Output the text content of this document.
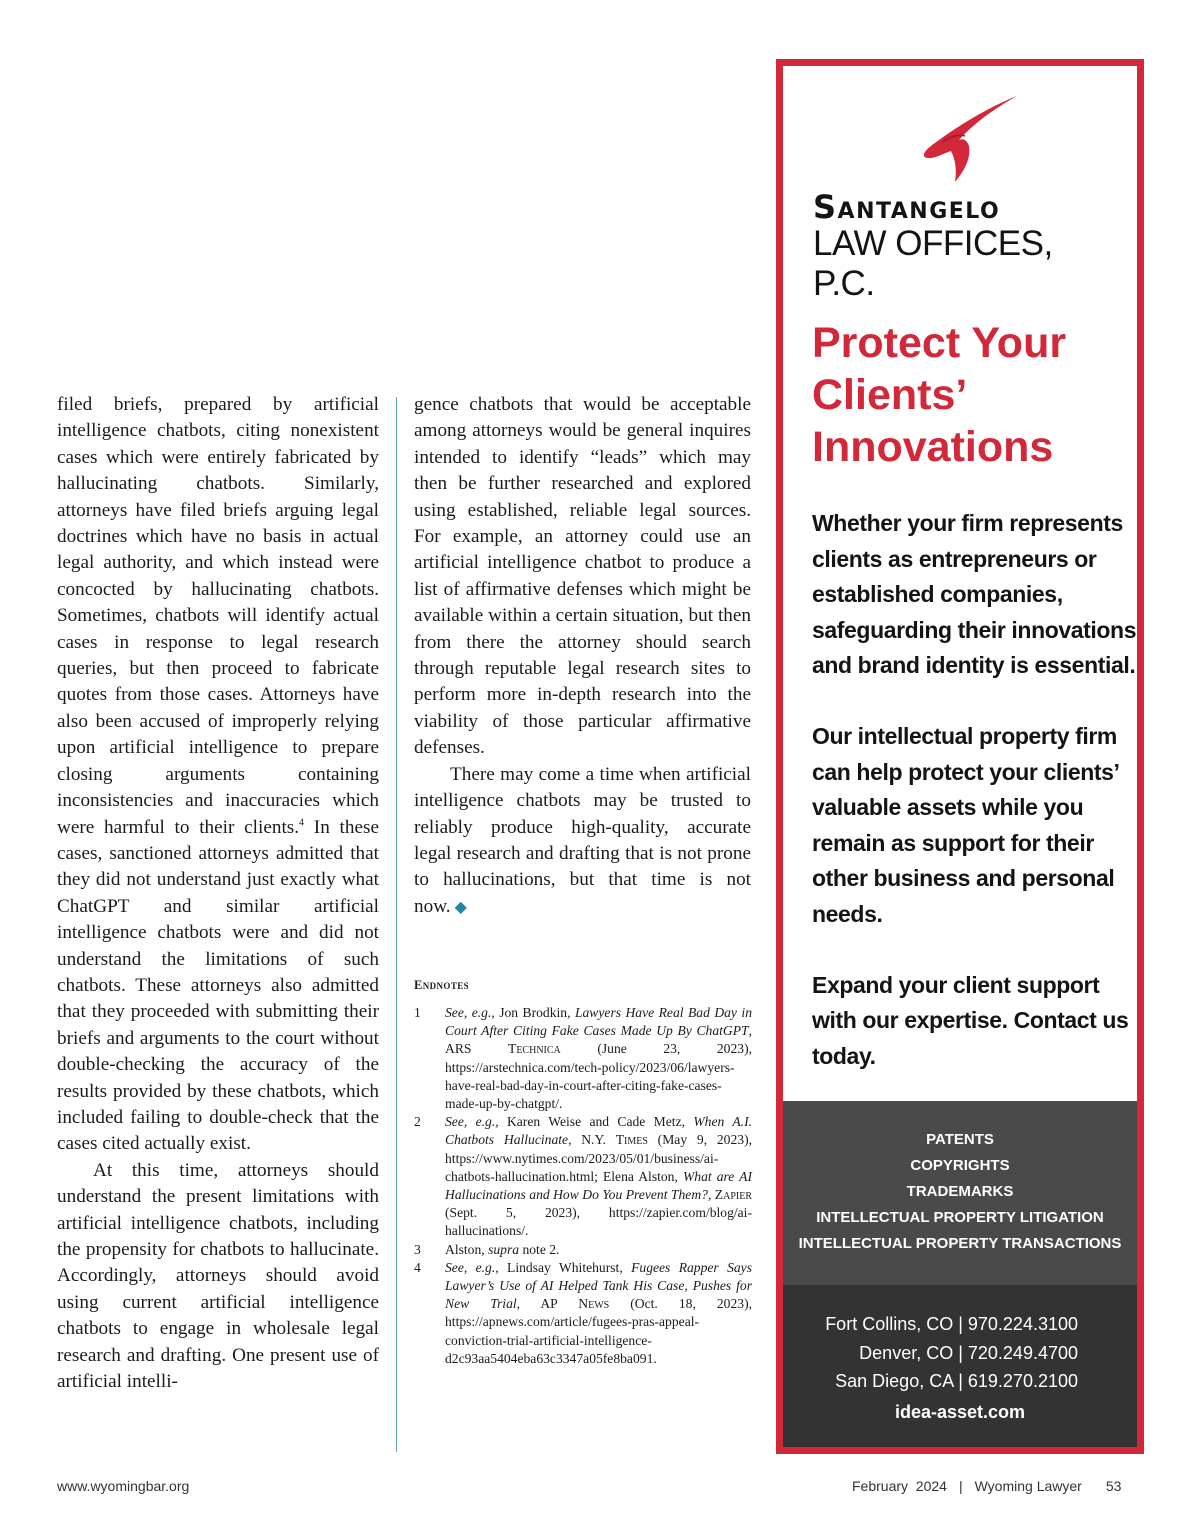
filed briefs, prepared by artificial intelligence chatbots, citing nonexistent cases which were entirely fabricated by hallucinating chatbots. Similarly, attorneys have filed briefs arguing legal doctrines which have no basis in actual legal authority, and which instead were concocted by hallucinating chatbots. Sometimes, chatbots will identify actual cases in response to legal research queries, but then proceed to fabricate quotes from those cases. Attorneys have also been accused of improperly relying upon artificial intelligence to prepare closing arguments containing inconsistencies and inaccuracies which were harmful to their clients.$^4$ In these cases, sanctioned attorneys admitted that they did not understand just exactly what ChatGPT and similar artificial intelligence chatbots were and did not understand the limitations of such chatbots. These attorneys also admitted that they proceeded with submitting their briefs and arguments to the court without double-checking the accuracy of the results provided by these chatbots, which included failing to double-check that the cases cited actually exist.

At this time, attorneys should understand the present limitations with artificial intelligence chatbots, including the propensity for chatbots to hallucinate. Accordingly, attorneys should avoid using current artificial intelligence chatbots to engage in wholesale legal research and drafting. One present use of artificial intelli-

gence chatbots that would be acceptable among attorneys would be general inquires intended to identify “leads” which may then be further researched and explored using established, reliable legal sources. For example, an attorney could use an artificial intelligence chatbot to produce a list of affirmative defenses which might be available within a certain situation, but then from there the attorney should search through reputable legal research sites to perform more in-depth research into the viability of those particular affirmative defenses.

There may come a time when artificial intelligence chatbots may be trusted to reliably produce high-quality, accurate legal research and drafting that is not prone to hallucinations, but that time is not now. ◆

Endnotes
1	See, e.g., Jon Brodkin, Lawyers Have Real Bad Day in Court After Citing Fake Cases Made Up By ChatGPT, ARS Technica (June 23, 2023), https://arstechnica.com/tech-policy/2023/06/lawyers-have-real-bad-day-in-court-after-citing-fake-cases-made-up-by-chatgpt/.
2	See, e.g., Karen Weise and Cade Metz, When A.I. Chatbots Hallucinate, N.Y. Times (May 9, 2023), https://www.nytimes.com/2023/05/01/business/ai-chatbots-hallucination.html; Elena Alston, What are AI Hallucinations and How Do You Prevent Them?, Zapier (Sept. 5, 2023), https://zapier.com/blog/ai-hallucinations/.
3	Alston, supra note 2.
4	See, e.g., Lindsay Whitehurst, Fugees Rapper Says Lawyer’s Use of AI Helped Tank His Case, Pushes for New Trial, AP News (Oct. 18, 2023), https://apnews.com/article/fugees-pras-appeal-conviction-trial-artificial-intelligence-d2c93aa5404eba63c3347a05fe8ba091.
Santangelo
LAW OFFICES, P.C.
Protect Your
Clients’
Innovations

Whether your firm represents clients as entrepreneurs or established companies, safeguarding their innovations and brand identity is essential.

Our intellectual property firm can help protect your clients’ valuable assets while you remain as support for their other business and personal needs.

Expand your client support with our expertise. Contact us today.

PATENTS
COPYRIGHTS
TRADEMARKS
INTELLECTUAL PROPERTY LITIGATION
INTELLECTUAL PROPERTY TRANSACTIONS
Fort Collins, CO | 970.224.3100
Denver, CO | 720.249.4700
San Diego, CA | 619.270.2100
idea-asset.com
www.wyomingbar.org	February  2024 | Wyoming Lawyer 53
